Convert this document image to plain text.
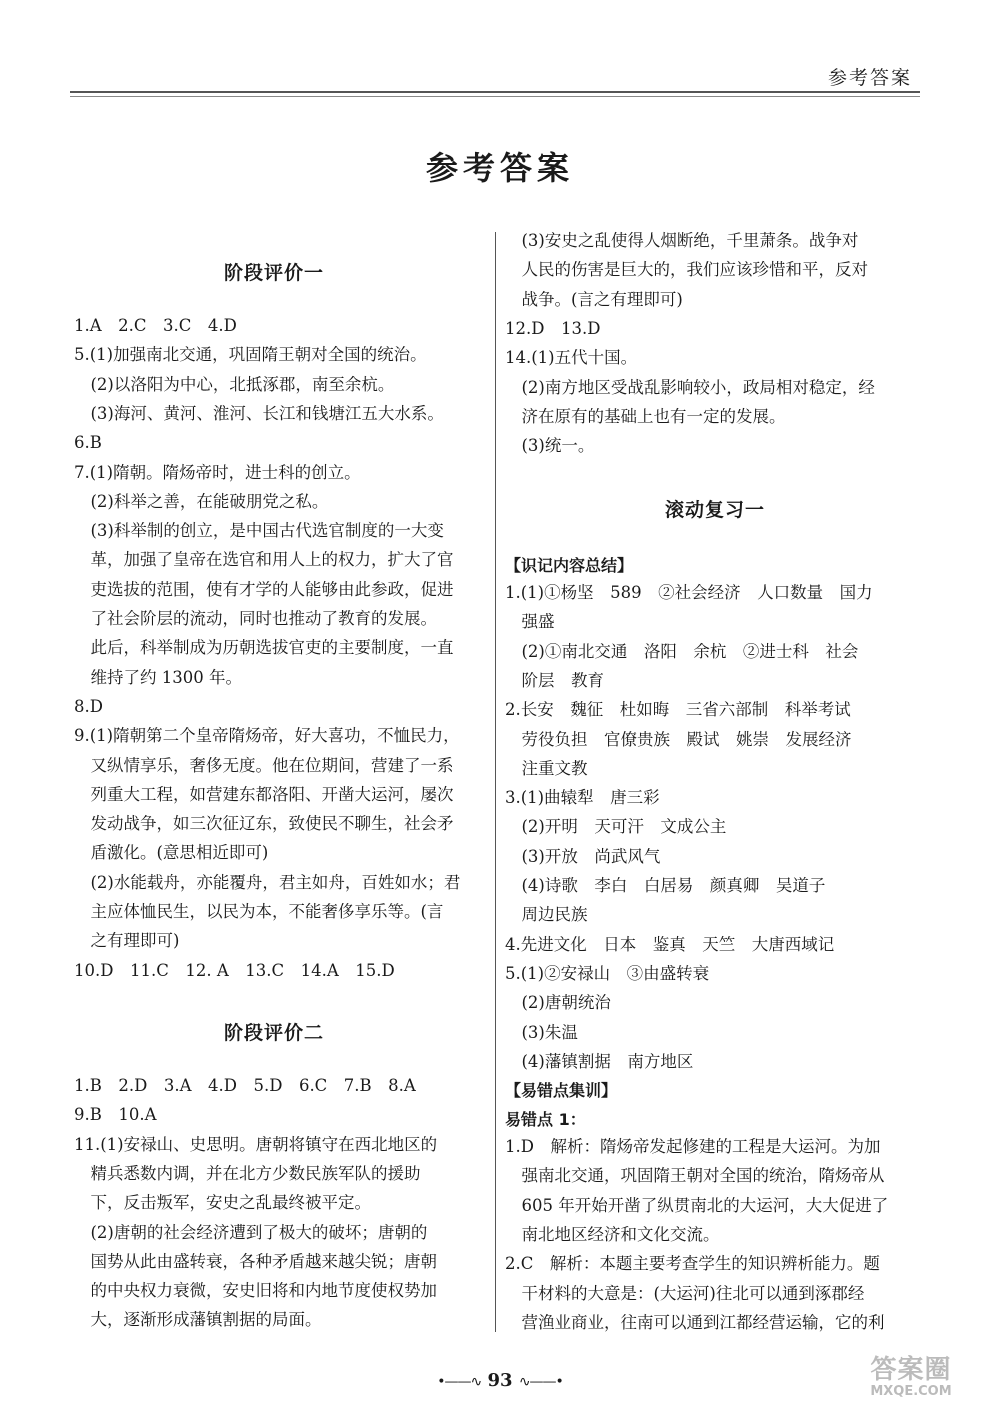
参考答案
参考答案
阶段评价一
1.A　2.C　3.C　4.D
5.(1)加强南北交通，巩固隋王朝对全国的统治。
　(2)以洛阳为中心，北抵涿郡，南至余杭。
　(3)海河、黄河、淮河、长江和钱塘江五大水系。
6.B
7.(1)隋朝。隋炀帝时，进士科的创立。
　(2)科举之善，在能破朋党之私。
　(3)科举制的创立，是中国古代选官制度的一大变
　革，加强了皇帝在选官和用人上的权力，扩大了官
　吏选拔的范围，使有才学的人能够由此参政，促进
　了社会阶层的流动，同时也推动了教育的发展。
　此后，科举制成为历朝选拔官吏的主要制度，一直
　维持了约 1300 年。
8.D
9.(1)隋朝第二个皇帝隋炀帝，好大喜功，不恤民力，
　又纵情享乐，奢侈无度。他在位期间，营建了一系
　列重大工程，如营建东都洛阳、开凿大运河，屡次
　发动战争，如三次征辽东，致使民不聊生，社会矛
　盾激化。(意思相近即可)
　(2)水能载舟，亦能覆舟，君主如舟，百姓如水；君
　主应体恤民生，以民为本，不能奢侈享乐等。(言
　之有理即可)
10.D　11.C　12. A　13.C　14.A　15.D
阶段评价二
1.B　2.D　3.A　4.D　5.D　6.C　7.B　8.A
9.B　10.A
11.(1)安禄山、史思明。唐朝将镇守在西北地区的
　精兵悉数内调，并在北方少数民族军队的援助
　下，反击叛军，安史之乱最终被平定。
　(2)唐朝的社会经济遭到了极大的破坏；唐朝的
　国势从此由盛转衰，各种矛盾越来越尖锐；唐朝
　的中央权力衰微，安史旧将和内地节度使权势加
　大，逐渐形成藩镇割据的局面。
　(3)安史之乱使得人烟断绝，千里萧条。战争对
　人民的伤害是巨大的，我们应该珍惜和平，反对
　战争。(言之有理即可)
12.D　13.D
14.(1)五代十国。
　(2)南方地区受战乱影响较小，政局相对稳定，经
　济在原有的基础上也有一定的发展。
　(3)统一。
滚动复习一
【识记内容总结】
1.(1)①杨坚　589　②社会经济　人口数量　国力
　强盛
　(2)①南北交通　洛阳　余杭　②进士科　社会
　阶层　教育
2.长安　魏征　杜如晦　三省六部制　科举考试
　劳役负担　官僚贵族　殿试　姚崇　发展经济
　注重文教
3.(1)曲辕犁　唐三彩
　(2)开明　天可汗　文成公主
　(3)开放　尚武风气
　(4)诗歌　李白　白居易　颜真卿　吴道子
　周边民族
4.先进文化　日本　鉴真　天竺　大唐西域记
5.(1)②安禄山　③由盛转衰
　(2)唐朝统治
　(3)朱温
　(4)藩镇割据　南方地区
【易错点集训】
易错点 1：
1.D　解析：隋炀帝发起修建的工程是大运河。为加
　强南北交通，巩固隋王朝对全国的统治，隋炀帝从
　605 年开始开凿了纵贯南北的大运河，大大促进了
　南北地区经济和文化交流。
2.C　解析：本题主要考查学生的知识辨析能力。题
　干材料的大意是：(大运河)往北可以通到涿郡经
　营渔业商业，往南可以通到江都经营运输，它的利
•——∿ 93 ∿——•	答案圈
MXQE.COM
